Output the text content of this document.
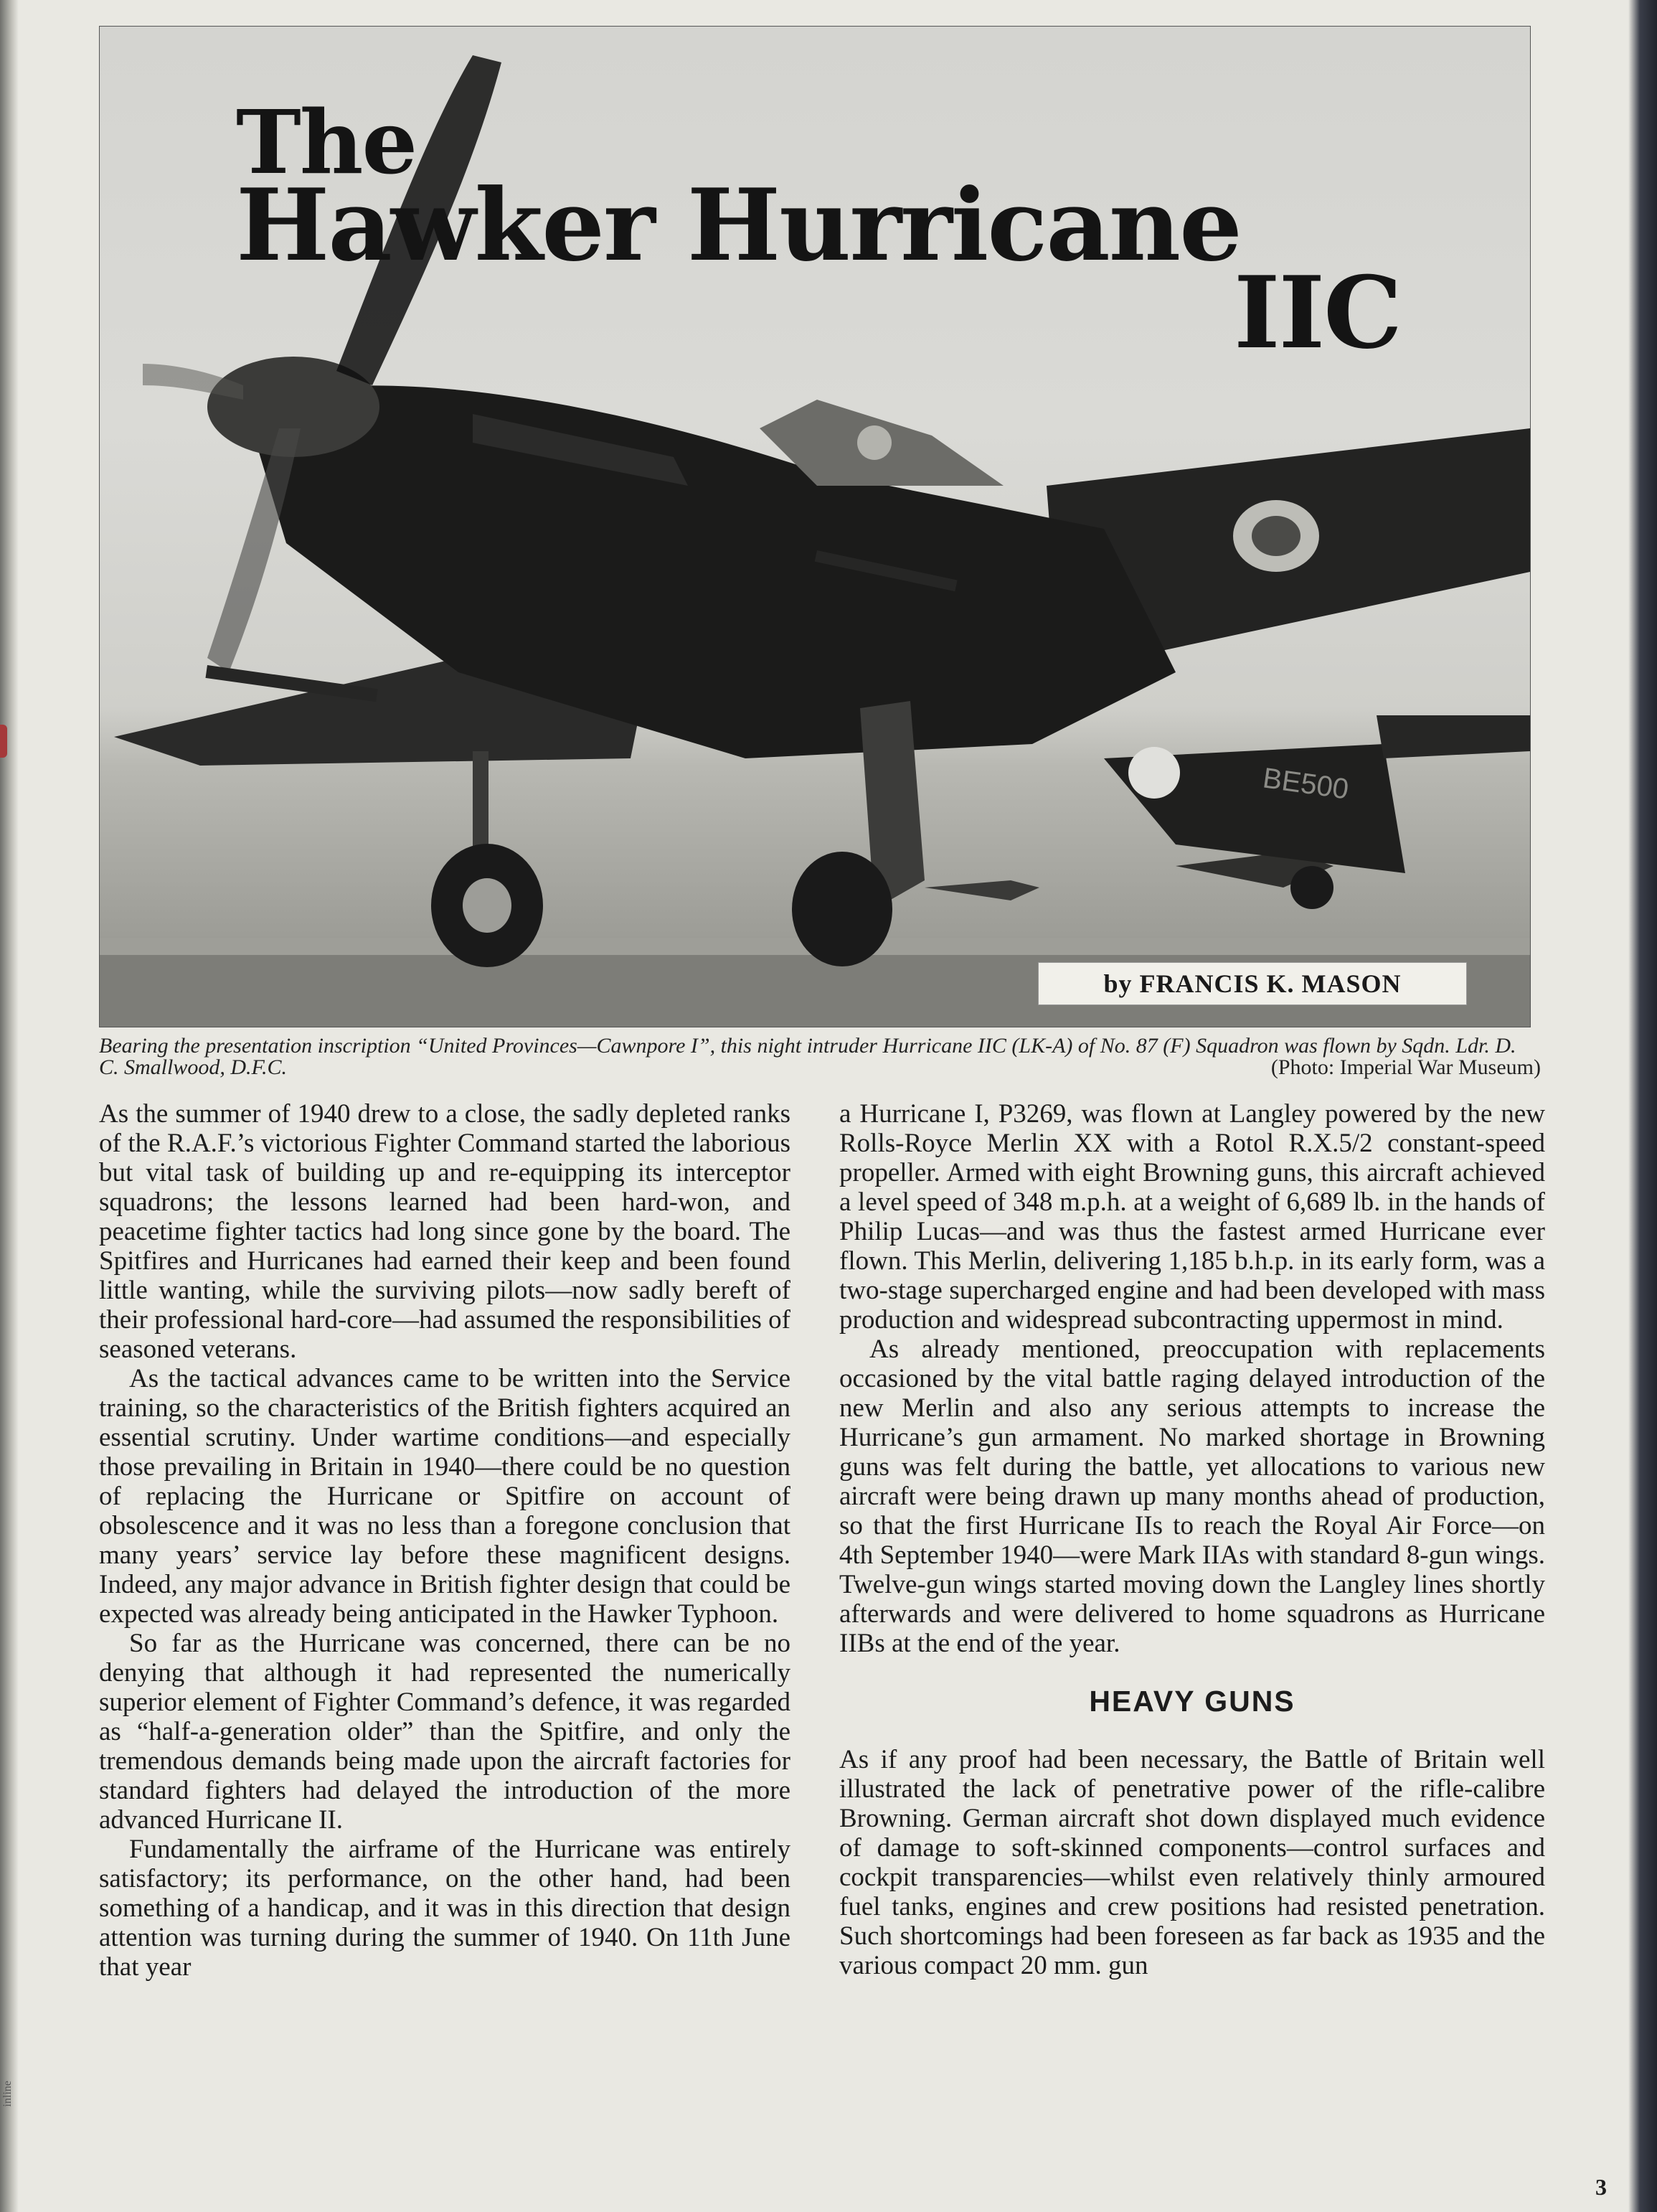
inline
BE500
The
Hawker Hurricane
IIC
by FRANCIS K. MASON
Bearing the presentation inscription “United Provinces—Cawnpore I”, this night intruder Hurricane IIC (LK-A) of No. 87 (F) Squadron was flown by Sqdn. Ldr. D. C. Smallwood, D.F.C.	(Photo: Imperial War Museum)

As the summer of 1940 drew to a close, the sadly depleted ranks of the R.A.F.’s victorious Fighter Command started the laborious but vital task of building up and re-equipping its interceptor squadrons; the lessons learned had been hard-won, and peacetime fighter tactics had long since gone by the board. The Spitfires and Hurricanes had earned their keep and been found little wanting, while the surviving pilots—now sadly bereft of their professional hard-core—had assumed the responsibilities of seasoned veterans.

As the tactical advances came to be written into the Service training, so the characteristics of the British fighters acquired an essential scrutiny. Under wartime conditions—and especially those prevailing in Britain in 1940—there could be no question of replacing the Hurricane or Spitfire on account of obsolescence and it was no less than a foregone conclusion that many years’ service lay before these magnificent designs. Indeed, any major advance in British fighter design that could be expected was already being anticipated in the Hawker Typhoon.

So far as the Hurricane was concerned, there can be no denying that although it had represented the numerically superior element of Fighter Command’s defence, it was regarded as “half-a-generation older” than the Spitfire, and only the tremendous demands being made upon the aircraft factories for standard fighters had delayed the introduction of the more advanced Hurricane II.

Fundamentally the airframe of the Hurricane was entirely satisfactory; its performance, on the other hand, had been something of a handicap, and it was in this direction that design attention was turning during the summer of 1940. On 11th June that year

a Hurricane I, P3269, was flown at Langley powered by the new Rolls-Royce Merlin XX with a Rotol R.X.5/2 constant-speed propeller. Armed with eight Browning guns, this aircraft achieved a level speed of 348 m.p.h. at a weight of 6,689 lb. in the hands of Philip Lucas—and was thus the fastest armed Hurricane ever flown. This Merlin, delivering 1,185 b.h.p. in its early form, was a two-stage supercharged engine and had been developed with mass production and widespread subcontracting uppermost in mind.

As already mentioned, preoccupation with replacements occasioned by the vital battle raging delayed introduction of the new Merlin and also any serious attempts to increase the Hurricane’s gun armament. No marked shortage in Browning guns was felt during the battle, yet allocations to various new aircraft were being drawn up many months ahead of production, so that the first Hurricane IIs to reach the Royal Air Force—on 4th September 1940—were Mark IIAs with standard 8-gun wings. Twelve-gun wings started moving down the Langley lines shortly afterwards and were delivered to home squadrons as Hurricane IIBs at the end of the year.

HEAVY GUNS

As if any proof had been necessary, the Battle of Britain well illustrated the lack of penetrative power of the rifle-calibre Browning. German aircraft shot down displayed much evidence of damage to soft-skinned components—control surfaces and cockpit transparencies—whilst even relatively thinly armoured fuel tanks, engines and crew positions had resisted penetration. Such shortcomings had been foreseen as far back as 1935 and the various compact 20 mm. gun

3
